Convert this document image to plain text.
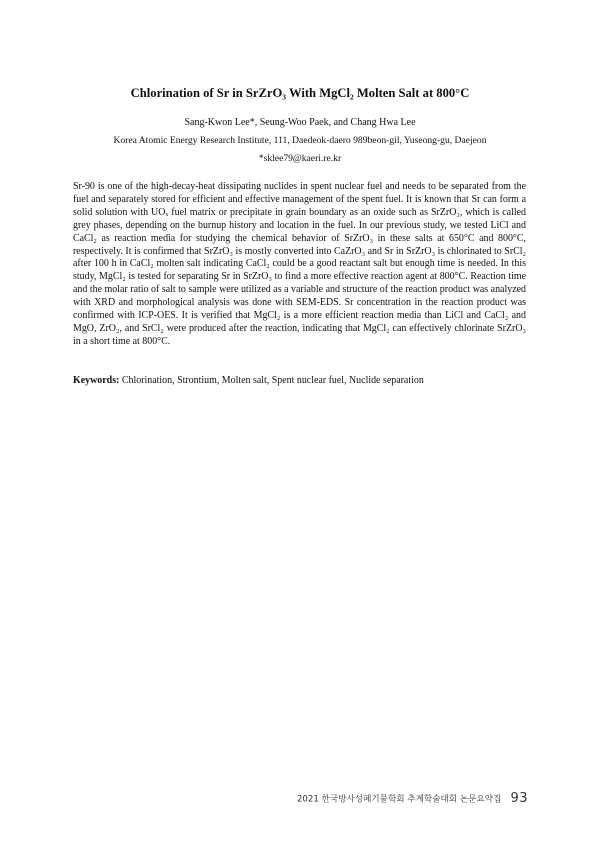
Chlorination of Sr in SrZrO₃ With MgCl₂ Molten Salt at 800°C
Sang-Kwon Lee*, Seung-Woo Paek, and Chang Hwa Lee
Korea Atomic Energy Research Institute, 111, Daedeok-daero 989beon-gil, Yuseong-gu, Daejeon
*sklee79@kaeri.re.kr

Sr-90 is one of the high-decay-heat dissipating nuclides in spent nuclear fuel and needs to be separated from the fuel and separately stored for efficient and effective management of the spent fuel. It is known that Sr can form a solid solution with UOₓ fuel matrix or precipitate in grain boundary as an oxide such as SrZrO₃, which is called grey phases, depending on the burnup history and location in the fuel. In our previous study, we tested LiCl and CaCl₂ as reaction media for studying the chemical behavior of SrZrO₃ in these salts at 650°C and 800°C, respectively. It is confirmed that SrZrO₃ is mostly converted into CaZrO₃ and Sr in SrZrO₃ is chlorinated to SrCl₂ after 100 h in CaCl₂ molten salt indicating CaCl₂ could be a good reactant salt but enough time is needed. In this study, MgCl₂ is tested for separating Sr in SrZrO₃ to find a more effective reaction agent at 800°C. Reaction time and the molar ratio of salt to sample were utilized as a variable and structure of the reaction product was analyzed with XRD and morphological analysis was done with SEM-EDS. Sr concentration in the reaction product was confirmed with ICP-OES. It is verified that MgCl₂ is a more efficient reaction media than LiCl and CaCl₂ and MgO, ZrO₂, and SrCl₂ were produced after the reaction, indicating that MgCl₂ can effectively chlorinate SrZrO₃ in a short time at 800°C.

Keywords: Chlorination, Strontium, Molten salt, Spent nuclear fuel, Nuclide separation
2021 한국방사성폐기물학회 추계학술대회 논문요약집 93
